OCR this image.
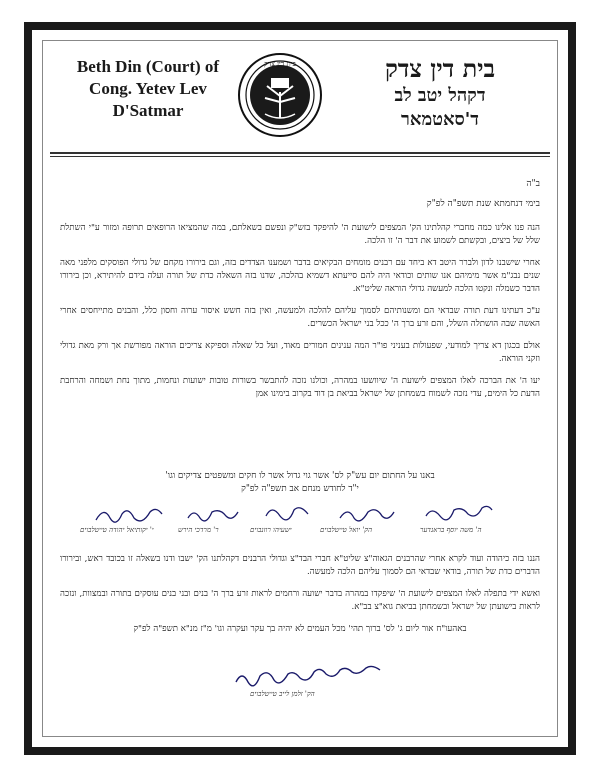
Beth Din (Court) of
Cong. Yetev Lev
D'Satmar
בית דין צדק	בית דין צדק
דקהל יטב לב
ד'סאטמאר
ב"ה
בימי דנחמתא שנת תשפ"ה לפ"ק

הנה פנו אלינו כמה מחברי קהלתינו הק' המצפים לישועת ה' להיפקד בזש"ק ונפשם בשאלתם, במה שהמציאו הרופאים תרופה ומזור ע"י השתלת שלל של ביצים, ובקשתם לשמוע את דבר ה' זו הלכה.

אחרי שישבנו לדון ולברר היטב דא ביחד עם רבנים מומחים הבקיאים בדבר ושמענו הצדדים בזה, וגם בירורו מקחם של גדולי הפוסקים מלפני מאה שנים נבג"מ אשר מימיהם אנו שותים וכודאי היה להם סייעתא דשמיא בהלכה, שדנו בזה השאלה כדת של תורה ועלה בידם להיתירא, וכן בירורו הדבר כשמלה ונקטו הלכה למעשה גדולי הוראה שליט"א.

ע"כ דעתינו דעת תורה שבדאי הם ומשנותיהם לסמוך עליהם להלכה ולמעשה, ואין בזה חשש איסור ערוה וחסון כלל, והבנים מתייחסים אחרי האשה שבה הושתלה השלל, והם זרע ברך ה' ככל בני ישראל הכשרים.

אולם בכגון דא צריך למודעי, שפעולות בעניני פו"ר המה ענינים חמורים מאוד, ועל כל שאלה וספיקא צריכים הוראה מפורשת אך ורק מאת גדולי וזקני הוראה.

יעו ה' את הברכה לאלו המצפים לישועת ה' שיוושעו במהרה, וכולנו נזכה להתבשר בשורות טובות ישועות ונחמות, מתוך נחת ושמחה והרחבת הדעת כל הימים, עדי נזכה לשמוח בשמחתן של ישראל בביאת בן דוד בקרוב בימינו אמן

באנו על החתום יום עש"ק לס' אשר גוי גדול אשר לו חקים ומשפטים צדיקים וגו'
י"ד לחודש מנחם אב תשפ"ה לפ"ק
י' יקותיאל יהודה טייטלבוים	ר' מרדכי הירש	ישעיהו רוזנבוים	הק' יואל טייטלבוים	ה' משה יוסף בראנדער

הננו בזה כיהודה ועוד לקרא אחרי שהרבנים הגאוה"צ שליט"א חברי הבד"צ וגדולי הרבנים דקהלתנו הק' ישבו ודנו בשאלה זו בכובד ראש, ובירורו הדברים כדת של תורה, בודאי שבדאי הם לסמוך עליהם הלכה למעשה.

ואשא ידי בתפלה לאלו המצפים לישועת ה' שיפקדו במהרה בדבר ישועה ורחמים לראות זרע ברך ה' בנים ובני בנים עוסקים בתורה ובמצוות, ונזכה לראות בישועתן של ישראל ובשמחתן בביאת גוא"צ בב"א.

באהעו"ח אור ליום ג' לס' ברוך תהי' מכל העמים לא יהיה בך עקר ועקרה וגו' מ"ז מנ"א תשפ"ה לפ"ק

הק' זלמן לייב טייטלבוים
